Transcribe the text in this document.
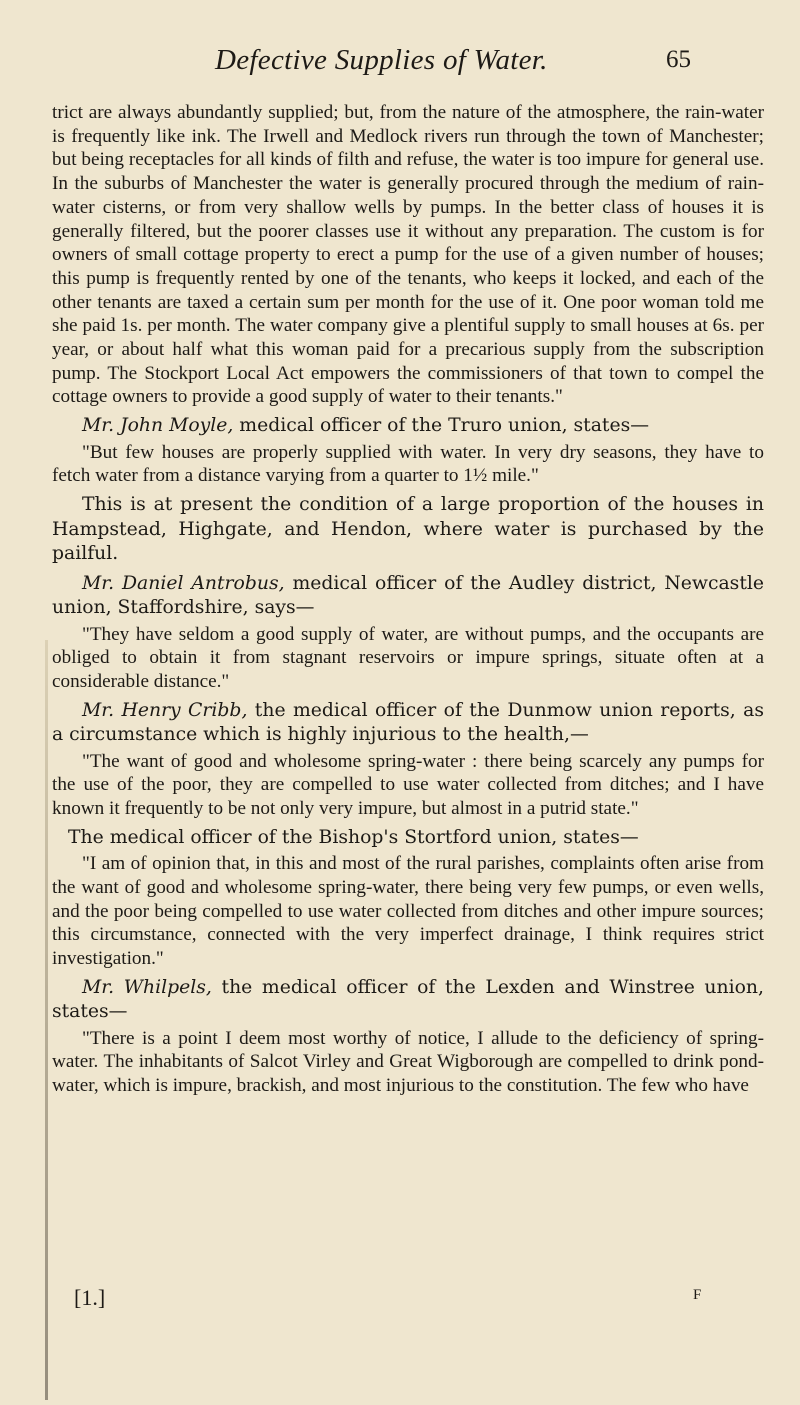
Defective Supplies of Water.	65

trict are always abundantly supplied; but, from the nature of the atmosphere, the rain-water is frequently like ink. The Irwell and Medlock rivers run through the town of Manchester; but being receptacles for all kinds of filth and refuse, the water is too impure for general use. In the suburbs of Manchester the water is generally procured through the medium of rain-water cisterns, or from very shallow wells by pumps. In the better class of houses it is generally filtered, but the poorer classes use it without any preparation. The custom is for owners of small cottage property to erect a pump for the use of a given number of houses; this pump is frequently rented by one of the tenants, who keeps it locked, and each of the other tenants are taxed a certain sum per month for the use of it. One poor woman told me she paid 1s. per month. The water company give a plentiful supply to small houses at 6s. per year, or about half what this woman paid for a precarious supply from the subscription pump. The Stockport Local Act empowers the commissioners of that town to compel the cottage owners to provide a good supply of water to their tenants."

Mr. John Moyle, medical officer of the Truro union, states—

"But few houses are properly supplied with water. In very dry seasons, they have to fetch water from a distance varying from a quarter to 1½ mile."

This is at present the condition of a large proportion of the houses in Hampstead, Highgate, and Hendon, where water is purchased by the pailful.

Mr. Daniel Antrobus, medical officer of the Audley district, Newcastle union, Staffordshire, says—

"They have seldom a good supply of water, are without pumps, and the occupants are obliged to obtain it from stagnant reservoirs or impure springs, situate often at a considerable distance."

Mr. Henry Cribb, the medical officer of the Dunmow union reports, as a circumstance which is highly injurious to the health,—

"The want of good and wholesome spring-water : there being scarcely any pumps for the use of the poor, they are compelled to use water collected from ditches; and I have known it frequently to be not only very impure, but almost in a putrid state."

The medical officer of the Bishop's Stortford union, states—

"I am of opinion that, in this and most of the rural parishes, complaints often arise from the want of good and wholesome spring-water, there being very few pumps, or even wells, and the poor being compelled to use water collected from ditches and other impure sources; this circumstance, connected with the very imperfect drainage, I think requires strict investigation."

Mr. Whilpels, the medical officer of the Lexden and Winstree union, states—

"There is a point I deem most worthy of notice, I allude to the deficiency of spring-water. The inhabitants of Salcot Virley and Great Wigborough are compelled to drink pond-water, which is impure, brackish, and most injurious to the constitution. The few who have

[1.]	F
